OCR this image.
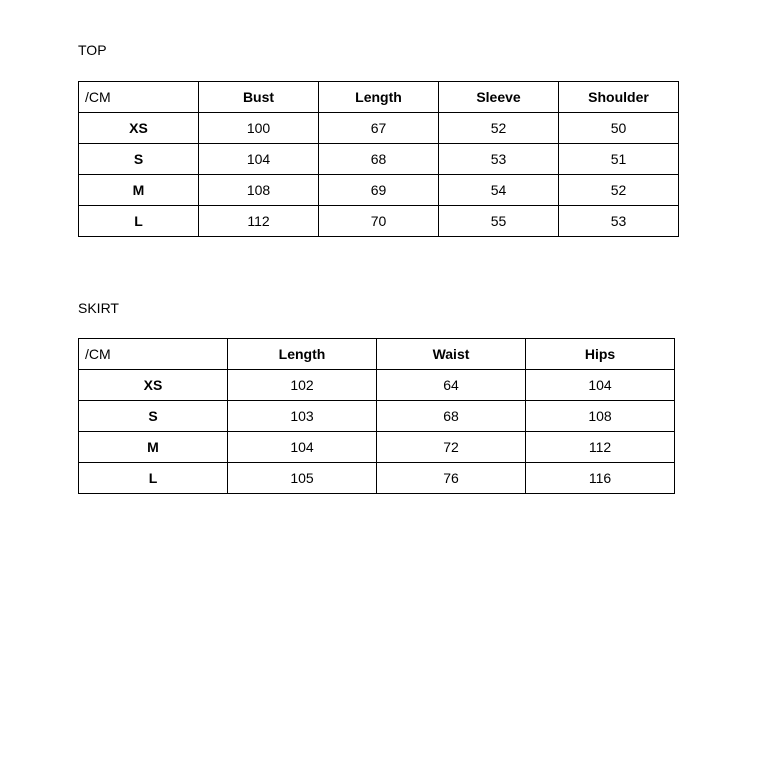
TOP
/CM	Bust	Length	Sleeve	Shoulder
XS	100	67	52	50
S	104	68	53	51
M	108	69	54	52
L	112	70	55	53
SKIRT
/CM	Length	Waist	Hips
XS	102	64	104
S	103	68	108
M	104	72	112
L	105	76	116
